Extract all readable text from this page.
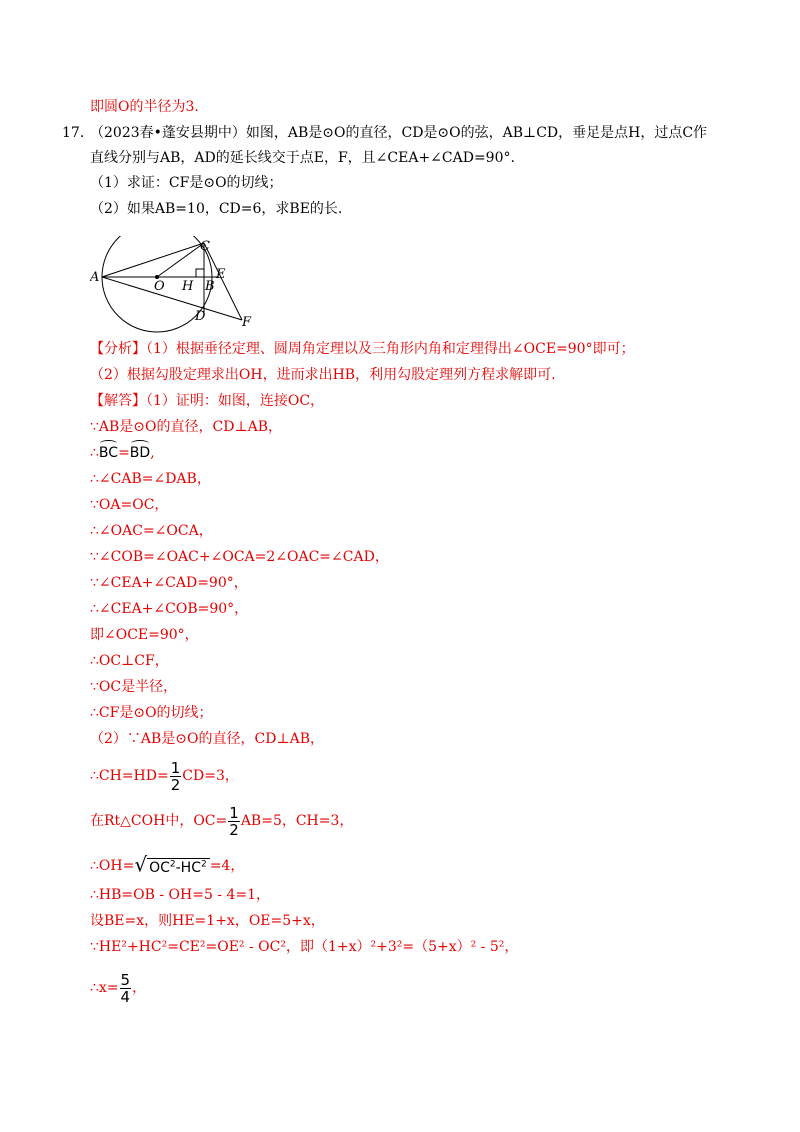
即圆O的半径为3.
17. （2023春•蓬安县期中）如图，AB是⊙O的直径，CD是⊙O的弦，AB⊥CD，垂足是点H，过点C作
直线分别与AB，AD的延长线交于点E，F，且∠CEA+∠CAD=90°.
（1）求证：CF是⊙O的切线；
（2）如果AB=10，CD=6，求BE的长.
A
O H B
E
C
D	F
【分析】（1）根据垂径定理、圆周角定理以及三角形内角和定理得出∠OCE=90°即可；
（2）根据勾股定理求出OH，进而求出HB，利用勾股定理列方程求解即可.
【解答】（1）证明：如图，连接OC，
∵AB是⊙O的直径，CD⊥AB，
∴BC=BD,
∴∠CAB=∠DAB，
∵OA=OC，
∴∠OAC=∠OCA，
∵∠COB=∠OAC+∠OCA=2∠OAC=∠CAD，
∵∠CEA+∠CAD=90°，
∴∠CEA+∠COB=90°，
即∠OCE=90°，
∴OC⊥CF，
∵OC是半径，
∴CF是⊙O的切线；
（2）∵AB是⊙O的直径，CD⊥AB，
∴CH=HD= $\frac{1}{2} CD=3$，
在Rt△COH中，$OC= \frac{1}{2} AB=5$，CH=3，
∴OH=√ $OC^2-HC^2 =4$，
∴HB=OB - OH=5 - 4=1，
设BE=x，则HE=1+x，OE=5+x，
∵HE²+HC²=CE²=OE² - OC²，即（1+x）²+3²=（5+x）² - 5²，
∴x= $\frac{5}{4}$ ，
